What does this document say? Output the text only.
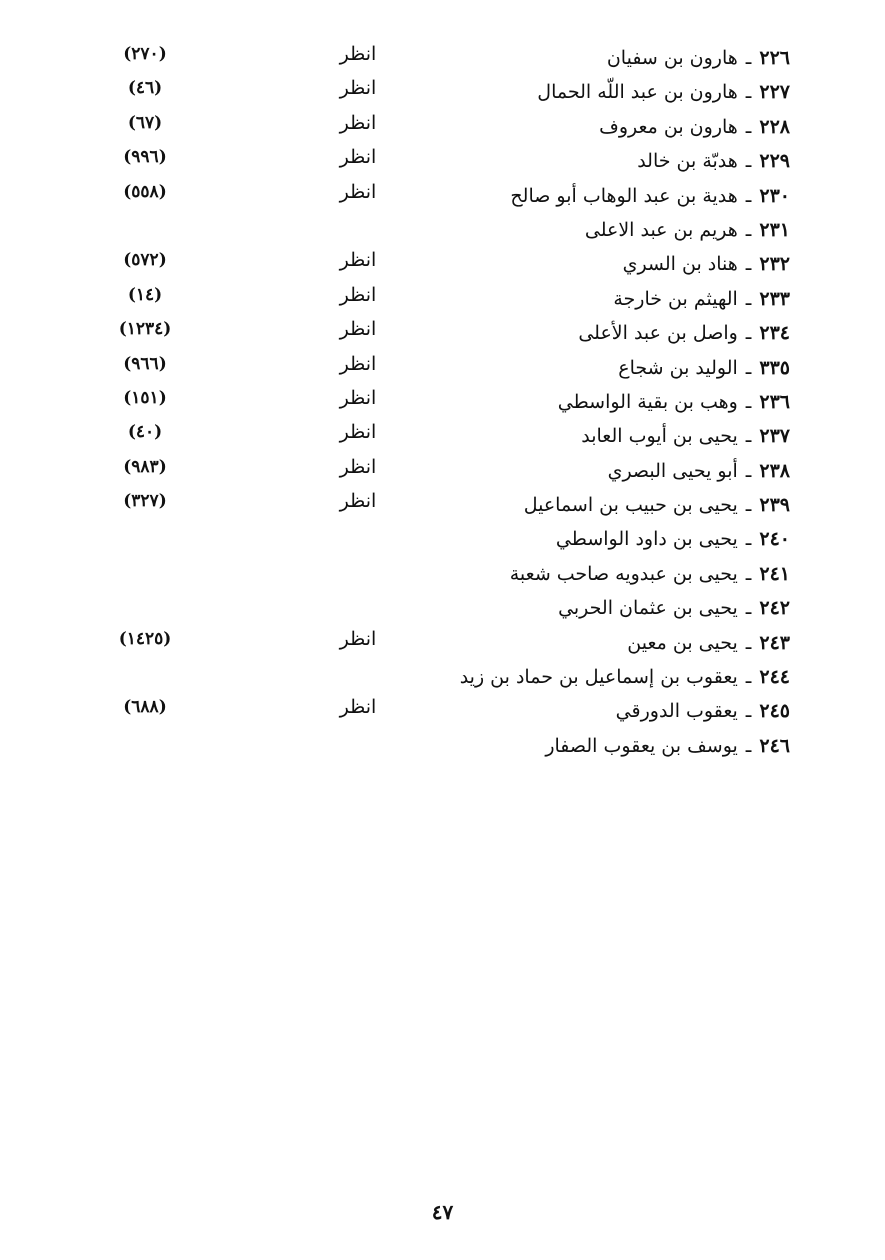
٢٢٦ـهارون بن سفيان
انظر
(٢٧٠)
٢٢٧ـهارون بن عبد اللّه الحمال
انظر
(٤٦)
٢٢٨ـهارون بن معروف
انظر
(٦٧)
٢٢٩ـهدبّة بن خالد
انظر
(٩٩٦)
٢٣٠ـهدية بن عبد الوهاب أبو صالح
انظر
(٥٥٨)
٢٣١ـهريم بن عبد الاعلى
٢٣٢ـهناد بن السري
انظر
(٥٧٢)
٢٣٣ـالهيثم بن خارجة
انظر
(١٤)
٢٣٤ـواصل بن عبد الأعلى
انظر
(١٢٣٤)
٣٣٥ـالوليد بن شجاع
انظر
(٩٦٦)
٢٣٦ـوهب بن بقية الواسطي
انظر
(١٥١)
٢٣٧ـيحيى بن أيوب العابد
انظر
(٤٠)
٢٣٨ـأبو يحيى البصري
انظر
(٩٨٣)
٢٣٩ـيحيى بن حبيب بن اسماعيل
انظر
(٣٢٧)
٢٤٠ـيحيى بن داود الواسطي
٢٤١ـيحيى بن عبدويه صاحب شعبة
٢٤٢ـيحيى بن عثمان الحربي
٢٤٣ـيحيى بن معين
انظر
(١٤٢٥)
٢٤٤ـيعقوب بن إسماعيل بن حماد بن زيد
٢٤٥ـيعقوب الدورقي
انظر
(٦٨٨)
٢٤٦ـيوسف بن يعقوب الصفار
٤٧
